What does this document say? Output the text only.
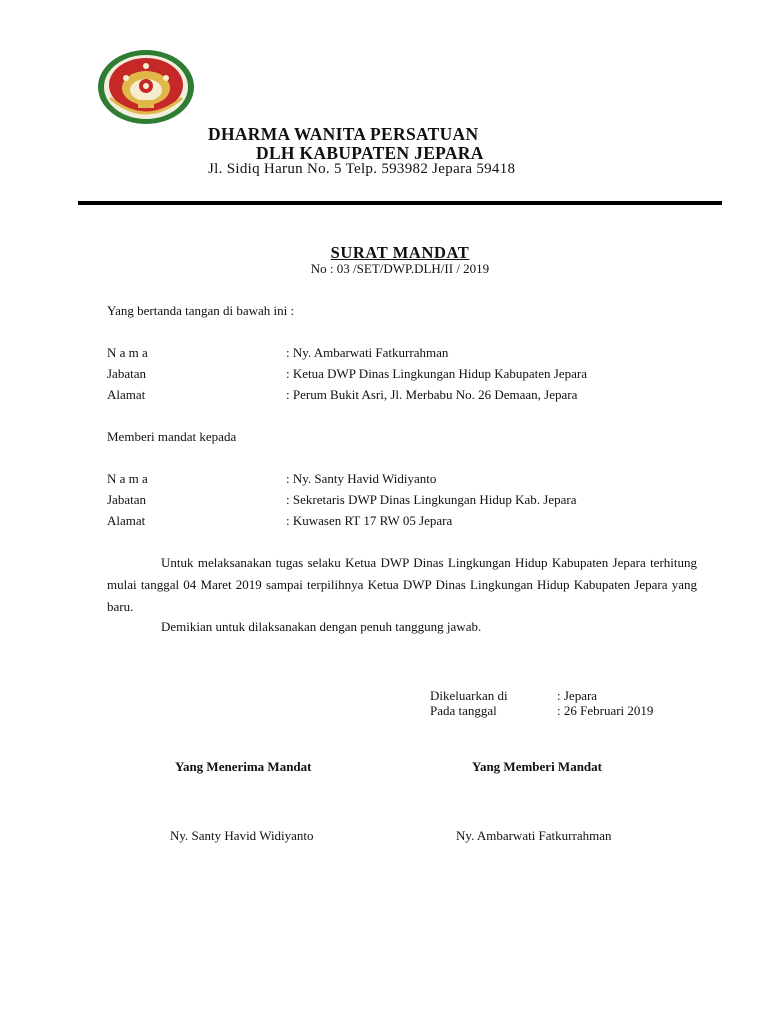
DHARMA WANITA PERSATUAN
DLH KABUPATEN JEPARA
Jl. Sidiq Harun No. 5 Telp. 593982 Jepara 59418
SURAT MANDAT
No : 03 /SET/DWP.DLH/II / 2019
Yang bertanda tangan di bawah ini :
N a m a	: Ny. Ambarwati Fatkurrahman
Jabatan	: Ketua DWP Dinas Lingkungan Hidup Kabupaten Jepara
Alamat	: Perum Bukit Asri, Jl. Merbabu No. 26 Demaan, Jepara
Memberi mandat kepada
N a m a	: Ny. Santy Havid Widiyanto
Jabatan	: Sekretaris DWP Dinas Lingkungan Hidup Kab. Jepara
Alamat	: Kuwasen RT 17 RW 05 Jepara
Untuk melaksanakan tugas selaku Ketua DWP Dinas Lingkungan Hidup Kabupaten Jepara terhitung mulai tanggal 04 Maret 2019 sampai terpilihnya Ketua DWP Dinas Lingkungan Hidup Kabupaten Jepara yang baru.
Demikian untuk dilaksanakan dengan penuh tanggung jawab.
Dikeluarkan di	: Jepara
Pada tanggal	: 26 Februari 2019
Yang Menerima Mandat	Yang Memberi Mandat
Ny. Santy Havid Widiyanto	Ny. Ambarwati Fatkurrahman
